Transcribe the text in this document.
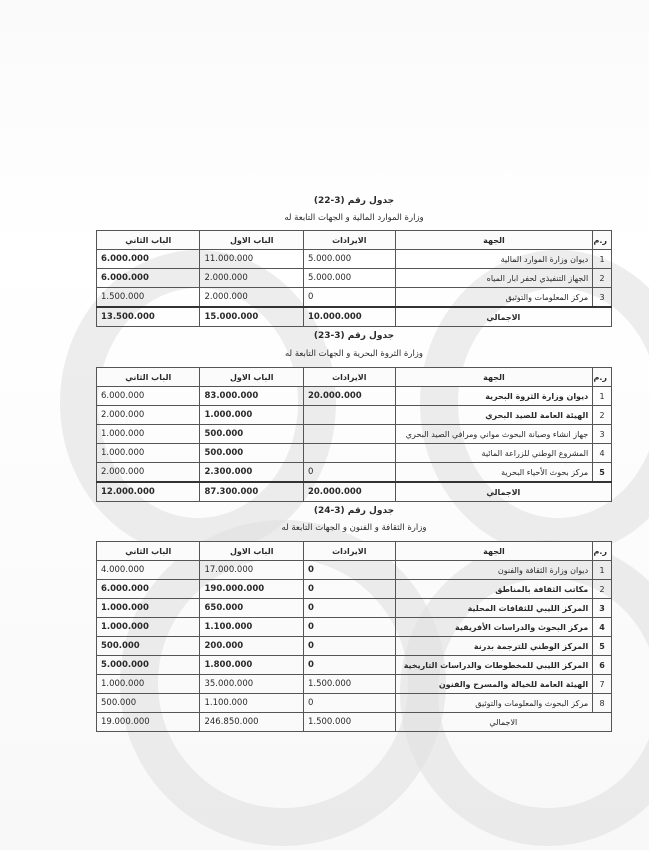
جدول رقم (3-22)
وزارة الموارد المالية و الجهات التابعة له
ر.م	الجهة	الايرادات	الباب الاول	الباب الثاني
1	ديوان وزارة الموارد المالية	5.000.000	11.000.000	6.000.000
2	الجهاز التنفيذي لحفر ابار المياه	5.000.000	2.000.000	6.000.000
3	مركز المعلومات والتوثيق	0	2.000.000	1.500.000
الاجمالي		10.000.000	15.000.000	13.500.000
جدول رقم (3-23)
وزارة الثروة البحرية و الجهات التابعة له
ر.م	الجهة	الايرادات	الباب الاول	الباب الثاني
1	ديوان وزارة الثروة البحرية	20.000.000	83.000.000	6.000.000
2	الهيئة العامة للصيد البحري		1.000.000	2.000.000
3	جهاز انشاء وصيانة البحوث مواني ومرافي الصيد البحري		500.000	1.000.000
4	المشروع الوطني للزراعة المائية		500.000	1.000.000
5	مركز بحوث الأحياء البحرية	0	2.300.000	2.000.000
الاجمالي		20.000.000	87.300.000	12.000.000
جدول رقم (3-24)
وزارة الثقافة و الفنون و الجهات التابعة له
ر.م	الجهة	الايرادات	الباب الاول	الباب الثاني
1	ديوان وزارة الثقافة والفنون	0	17.000.000	4.000.000
2	مكاتب الثقافة بالمناطق	0	190.000.000	6.000.000
3	المركز الليبي للثقافات المحلية	0	650.000	1.000.000
4	مركز البحوث والدراسات الأفريقية	0	1.100.000	1.000.000
5	المركز الوطني للترجمة بدرنة	0	200.000	500.000
6	المركز الليبي للمخطوطات والدراسات التاريخية	0	1.800.000	5.000.000
7	الهيئة العامة للخيالة والمسرح والفنون	1.500.000	35.000.000	1.000.000
8	مركز البحوث والمعلومات والتوثيق	0	1.100.000	500.000
الاجمالي		1.500.000	246.850.000	19.000.000
